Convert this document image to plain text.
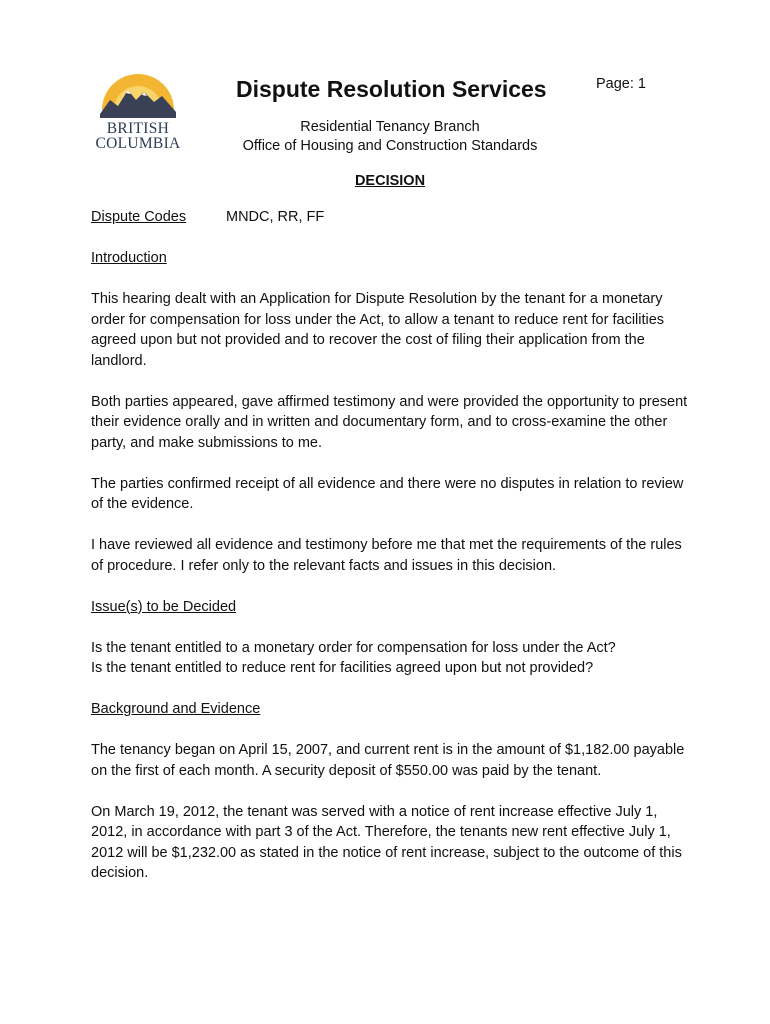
BRITISH
COLUMBIA
Dispute Resolution Services	Page: 1
Residential Tenancy Branch
Office of Housing and Construction Standards
DECISION
Dispute Codes	MNDC, RR, FF
Introduction

This hearing dealt with an Application for Dispute Resolution by the tenant for a monetary order for compensation for loss under the Act, to allow a tenant to reduce rent for facilities agreed upon but not provided and to recover the cost of filing their application from the landlord.

Both parties appeared, gave affirmed testimony and were provided the opportunity to present their evidence orally and in written and documentary form, and to cross-examine the other party, and make submissions to me.

The parties confirmed receipt of all evidence and there were no disputes in relation to review of the evidence.

I have reviewed all evidence and testimony before me that met the requirements of the rules of procedure. I refer only to the relevant facts and issues in this decision.

Issue(s) to be Decided

Is the tenant entitled to a monetary order for compensation for loss under the Act?
Is the tenant entitled to reduce rent for facilities agreed upon but not provided?

Background and Evidence

The tenancy began on April 15, 2007, and current rent is in the amount of $1,182.00 payable on the first of each month. A security deposit of $550.00 was paid by the tenant.

On March 19, 2012, the tenant was served with a notice of rent increase effective July 1, 2012, in accordance with part 3 of the Act. Therefore, the tenants new rent effective July 1, 2012 will be $1,232.00 as stated in the notice of rent increase, subject to the outcome of this decision.
